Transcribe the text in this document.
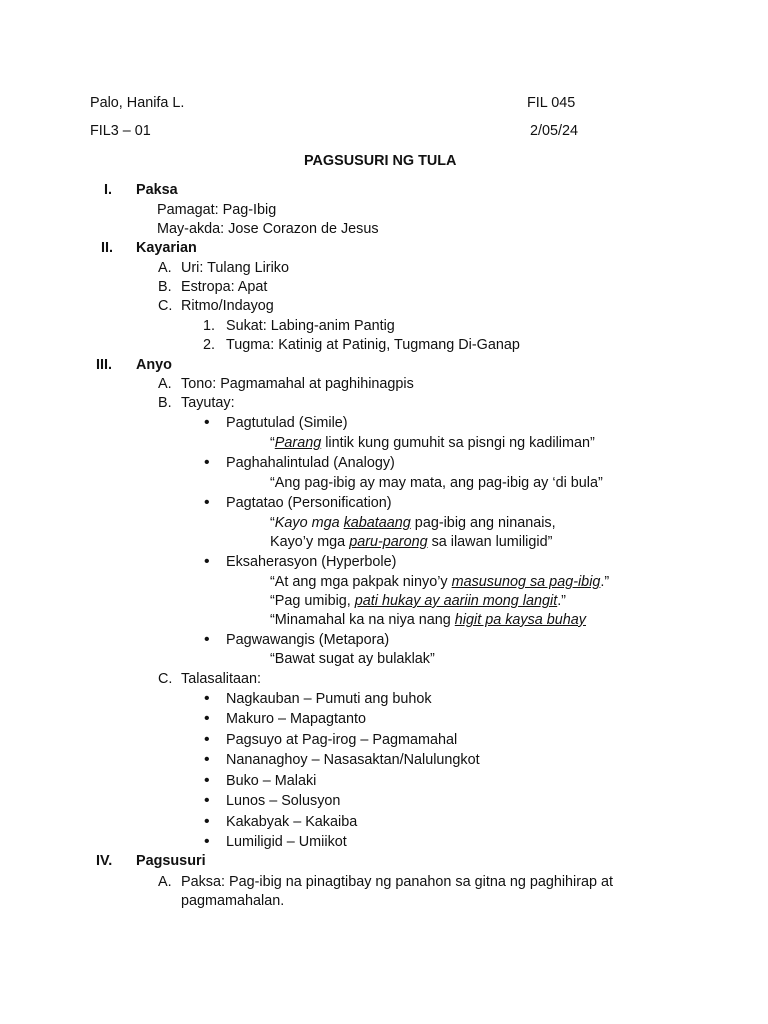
Palo, Hanifa L.	FIL 045
FIL3 – 01	2/05/24
PAGSUSURI NG TULA
I. Paksa
Pamagat: Pag-Ibig
May-akda: Jose Corazon de Jesus
II. Kayarian
A. Uri: Tulang Liriko
B. Estropa: Apat
C. Ritmo/Indayog
1. Sukat: Labing-anim Pantig
2. Tugma: Katinig at Patinig, Tugmang Di-Ganap
III. Anyo
A. Tono: Pagmamahal at paghihinagpis
B. Tayutay:
• Pagtutulad (Simile)
“Parang lintik kung gumuhit sa pisngi ng kadiliman”
• Paghahalintulad (Analogy)
“Ang pag-ibig ay may mata, ang pag-ibig ay ‘di bula”
• Pagtatao (Personification)
“Kayo mga kabataang pag-ibig ang ninanais,
Kayo’y mga paru-parong sa ilawan lumiligid”
• Eksaherasyon (Hyperbole)
“At ang mga pakpak ninyo’y masusunog sa pag-ibig.”
“Pag umibig, pati hukay ay aariin mong langit.”
“Minamahal ka na niya nang higit pa kaysa buhay
• Pagwawangis (Metapora)
“Bawat sugat ay bulaklak”
C. Talasalitaan:
• Nagkauban – Pumuti ang buhok
• Makuro – Mapagtanto
• Pagsuyo at Pag-irog – Pagmamahal
• Nananaghoy – Nasasaktan/Nalulungkot
• Buko – Malaki
• Lunos – Solusyon
• Kakabyak – Kakaiba
• Lumiligid – Umiikot
IV. Pagsusuri
A. Paksa: Pag-ibig na pinagtibay ng panahon sa gitna ng paghihirap at
pagmamahalan.
